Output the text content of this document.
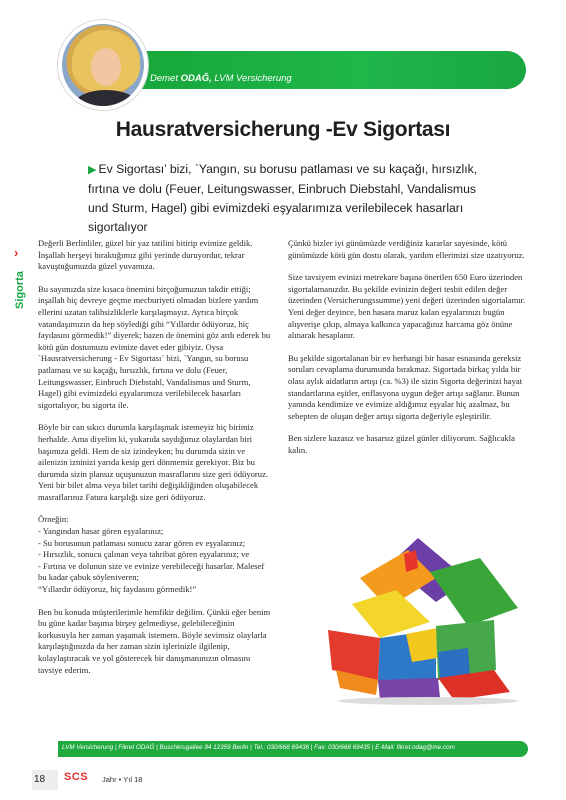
Demet ODAĞ, LVM Versicherung
Hausratversicherung -Ev Sigortası
▶ Ev Sigortası’ bizi, `Yangın, su borusu patlaması ve su kaçağı, hırsızlık, fırtına ve dolu (Feuer, Leitungswasser, Einbruch Diebstahl, Vandalismus und Sturm, Hagel) gibi evimizdeki eşyalarımıza verilebilecek hasarları sigortalıyor
›
Sigorta

Değerli Berlinliler, güzel bir yaz tatilini bitirip evimize geldik. İnşallah herşeyi bıraktığımız gibi yerinde duruyordur, tekrar kavuştuğumuzda güzel yuvamıza.

Bu sayımızda size kısaca önemini birçoğumuzun takdir ettiği; inşallah hiç devreye geçme mecburiyeti olmadan bizlere yardım ellerini uzatan talihsizliklerle karşılaşmayız. Ayrıca birçok vatandaşımızın da hep söylediği gibi “Yıllardır ödüyoruz, hiç faydasını görmedik!” diyerek; bazen de önemini göz ardı ederek bu kötü gün dostumuzu evimize davet eder gibiyiz. Oysa `Hausratversicherung - Ev Sigortası´ bizi, `Yangın, su borusu patlaması ve su kaçağı, hırsızlık, fırtına ve dolu (Feuer, Leitungswasser, Einbruch Diebstahl, Vandalismus und Sturm, Hagel) gibi evimizdeki eşyalarımıza verilebilecek hasarları sigortalıyor, bu sigorta ile.

Böyle bir can sıkıcı durumla karşılaşmak istemeyiz hiç birimiz herhalde. Ama diyelim ki, yukarıda saydığımız olaylardan biri başımıza geldi. Hem de siz izindeyken; bu durumda sizin ve ailenizin izninizi yarıda kesip geri dönmemiz gerekiyor. Biz bu durumda sizin plansız uçuşunuzun masraflarını size geri ödüyoruz. Yeni bir bilet alma veya bilet tarihi değişikliğinden oluşabilecek masraflarınız Fatura karşılığı size geri ödüyoruz.

Örneğin:
- Yangından hasar gören eşyalarınız;
- Su borusunun patlaması sonucu zarar gören ev eşyalarınız;
- Hırsızlık, sonucu çalınan veya tahribat gören eşyalarınız; ve
- Fırtına ve dolunun size ve evinize verebileceği hasarlar. Malesef bu kadar çabuk söyleniveren;
“Yıllardır ödüyoruz, hiç faydasını görmedik!”

Ben bu konuda müşterilerimle hemfikir değilim. Çünkü eğer benim bu güne kadar başıma birşey gelmediyse, gelebileceğinin korkusuyla her zaman yaşamak istemem. Böyle sevimsiz olaylarla karşılaştığınızda da her zaman sizin işlerinizle ilgilenip, kolaylaştıracak ve yol gösterecek bir danışmanınızın olmasını tavsiye ederim.

Çünkü bizler iyi günümüzde verdiğiniz kararlar sayesinde, kötü günümüzde kötü gün dostu olarak, yardım ellerimizi size uzatıyoruz.

Size tavsiyem evinizi metrekare başına önerilen 650 Euro üzerinden sigortalamanızdır. Bu şekilde evinizin değeri tesbit edilen değer üzerinden (Versicherungssumme) yeni değeri üzerinden sigortalamır. Yeni değer deyince, ben hasara maruz kalan eşyalarınızı bugün alışverişe çıkıp, almaya kalkınca yapacağınız harcama göz önüne alınarak hesaplanır.

Bu şekilde sigortalanan bir ev herhangi bir hasar esnasında gereksiz soruları cevaplama durumunda bırakmaz. Sigortada birkaç yılda bir olası aylık aidatların artışı (ca. %3) ile sizin Sigorta değerinizi hayat standartlarına eşitler, enflasyona uygun değer artışı sağlanır. Bunun yanında kendimize ve evimize aldığımız eşyalar hiç azalmaz, bu sebepten de oluşan değer artışı sigorta değeriyle eşleştirilir.

Ben sizlere kazasız ve hasarsız güzel günler diliyorum. Sağlıcakla kalın.

LVM Versicherung | Fikret ODAĞ | Buschkrugallee 94 12359 Berlin | Tel.: 030/668 69436 | Fax: 030/668 69435 | E-Mail: fikret.odag@me.com
18 SCS	Jahr • Yıl 18
